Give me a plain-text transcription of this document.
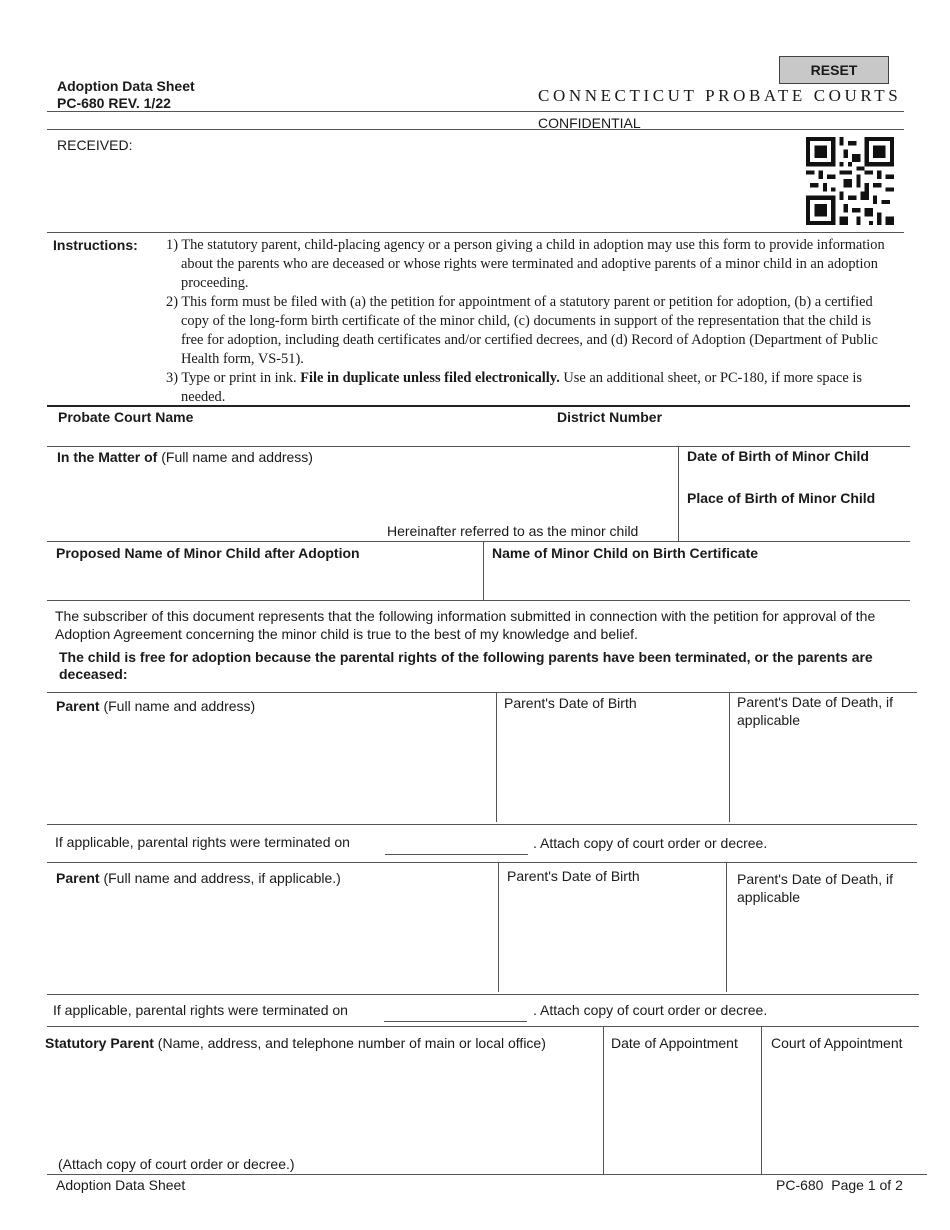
Adoption Data Sheet
PC-680 REV. 1/22
RESET
CONNECTICUT PROBATE COURTS
CONFIDENTIAL
RECEIVED:
Instructions: 1) The statutory parent, child-placing agency or a person giving a child in adoption may use this form to provide information about the parents who are deceased or whose rights were terminated and adoptive parents of a minor child in an adoption proceeding.

2) This form must be filed with (a) the petition for appointment of a statutory parent or petition for adoption, (b) a certified copy of the long-form birth certificate of the minor child, (c) documents in support of the representation that the child is free for adoption, including death certificates and/or certified decrees, and (d) Record of Adoption (Department of Public Health form, VS-51).

3) Type or print in ink. File in duplicate unless filed electronically. Use an additional sheet, or PC-180, if more space is needed.

Probate Court Name	District Number
In the Matter of (Full name and address)	Date of Birth of Minor Child
Place of Birth of Minor Child
Hereinafter referred to as the minor child
Proposed Name of Minor Child after Adoption	Name of Minor Child on Birth Certificate
The subscriber of this document represents that the following information submitted in connection with the petition for approval of the Adoption Agreement concerning the minor child is true to the best of my knowledge and belief.
The child is free for adoption because the parental rights of the following parents have been terminated, or the parents are deceased:
Parent (Full name and address)	Parent's Date of Birth	Parent's Date of Death, if applicable
If applicable, parental rights were terminated on	. Attach copy of court order or decree.
Parent (Full name and address, if applicable.)	Parent's Date of Birth	Parent's Date of Death, if applicable
If applicable, parental rights were terminated on	. Attach copy of court order or decree.
Statutory Parent (Name, address, and telephone number of main or local office)	Date of Appointment Court of Appointment
(Attach copy of court order or decree.)
Adoption Data Sheet	PC-680  Page 1 of 2
